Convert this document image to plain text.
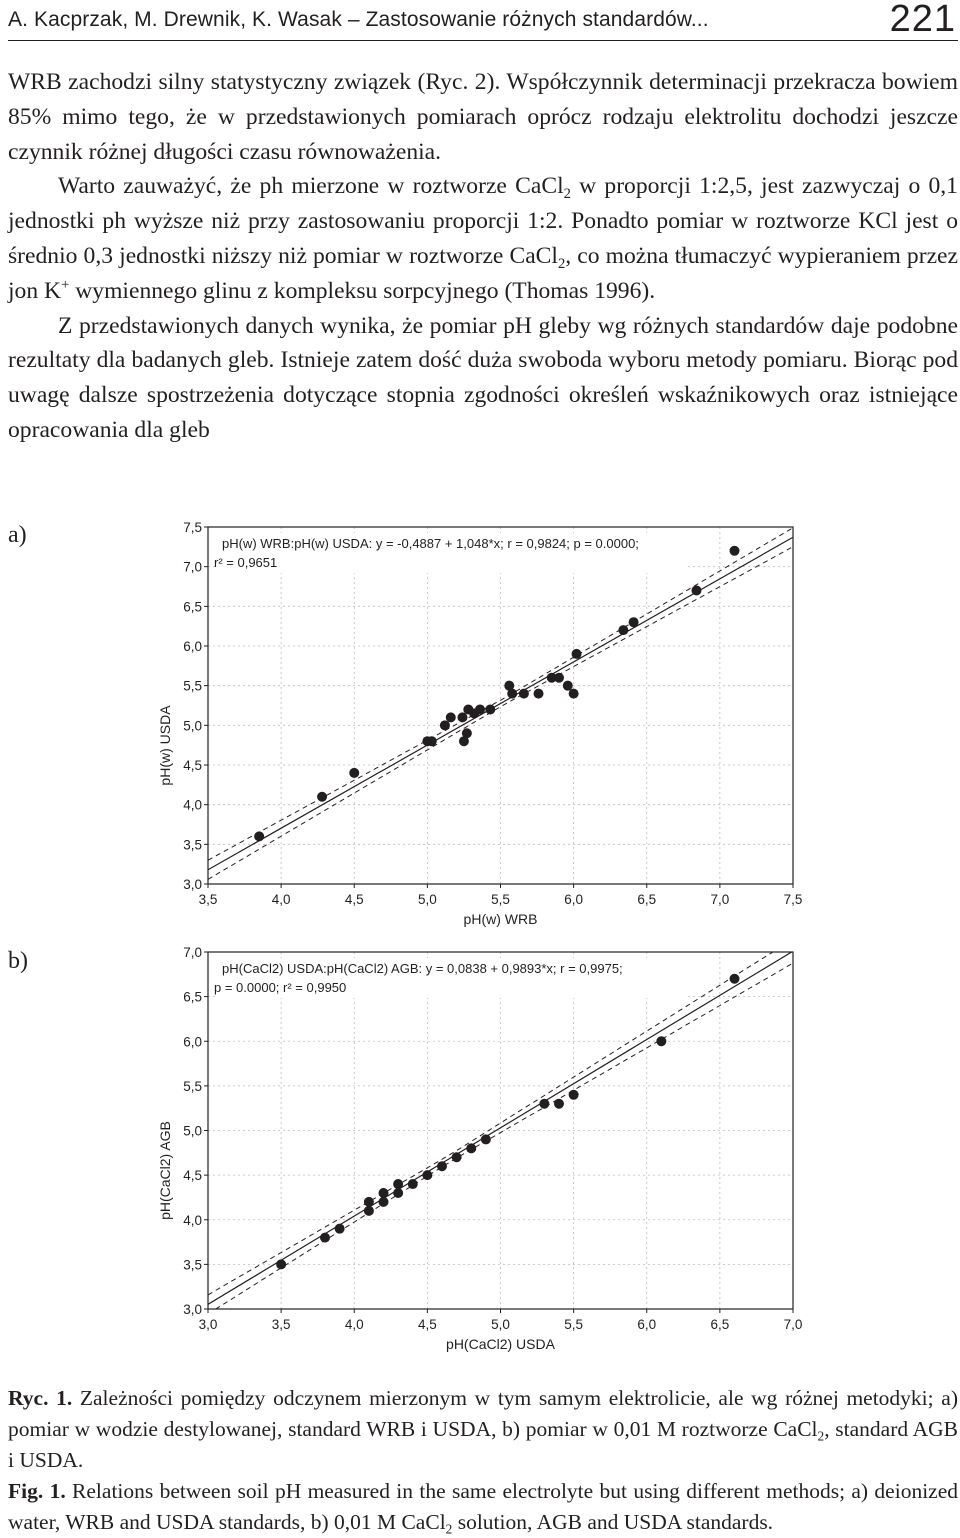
A. Kacprzak, M. Drewnik, K. Wasak – Zastosowanie różnych standardów...	221

WRB zachodzi silny statystyczny związek (Ryc. 2). Współczynnik determinacji przekracza bowiem 85% mimo tego, że w przedstawionych pomiarach oprócz rodzaju elektrolitu dochodzi jeszcze czynnik różnej długości czasu równoważenia.

Warto zauważyć, że ph mierzone w roztworze CaCl$_2$ w proporcji 1:2,5, jest zazwyczaj o 0,1 jednostki ph wyższe niż przy zastosowaniu proporcji 1:2. Ponadto pomiar w roztworze KCl jest o średnio 0,3 jednostki niższy niż pomiar w roztworze CaCl$_2$, co można tłumaczyć wypieraniem przez jon K+ wymiennego glinu z kompleksu sorpcyjnego (Thomas 1996).

Z przedstawionych danych wynika, że pomiar pH gleby wg różnych standardów daje podobne rezultaty dla badanych gleb. Istnieje zatem dość duża swoboda wyboru metody pomiaru. Biorąc pod uwagę dalsze spostrzeżenia dotyczące stopnia zgodności określeń wskaźnikowych oraz istniejące opracowania dla gleb

a)
b)
3,0
3,5
4,0
4,5
5,0
5,5
6,0
6,5
7,0
7,5
3,5	4,0	4,5	5,0	5,5	6,0	6,5	7,0	7,5
pH(w) WRB
pH(w) USDA
pH(w) WRB:pH(w) USDA: y = -0,4887 + 1,048*x; r = 0,9824; p = 0.0000;
r² = 0,9651
3,0
3,5
4,0
4,5
5,0
5,5
6,0
6,5
7,0
3,0	3,5	4,0	4,5	5,0	5,5	6,0	6,5	7,0
pH(CaCl2) USDA
pH(CaCl2) AGB
pH(CaCl2) USDA:pH(CaCl2) AGB: y = 0,0838 + 0,9893*x; r = 0,9975;
p = 0.0000; r² = 0,9950

Ryc. 1. Zależności pomiędzy odczynem mierzonym w tym samym elektrolicie, ale wg różnej metodyki; a) pomiar w wodzie destylowanej, standard WRB i USDA, b) pomiar w 0,01 M roztworze CaCl$_2$, standard AGB i USDA.

Fig. 1. Relations between soil pH measured in the same electrolyte but using different methods; a) deionized water, WRB and USDA standards, b) 0,01 M CaCl$_2$ solution, AGB and USDA standards.
